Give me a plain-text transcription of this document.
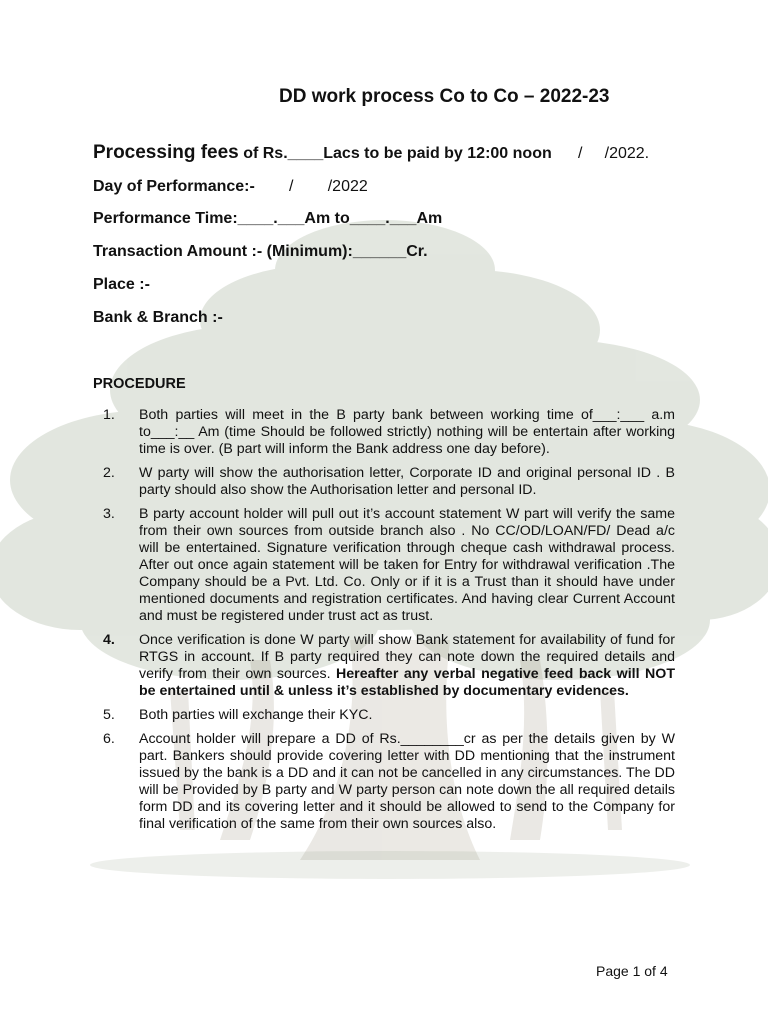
DD work process Co to Co – 2022-23
Processing fees of Rs.____Lacs to be paid by 12:00 noon / /2022.
Day of Performance:- / /2022
Performance Time:____.___Am to____.___Am
Transaction Amount :- (Minimum):______Cr.
Place :-
Bank & Branch :-
PROCEDURE
1.	Both parties will meet in the B party bank between working time of___:___ a.m to___:__ Am (time Should be followed strictly) nothing will be entertain after working time is over. (B part will inform the Bank address one day before).
2.	W party will show the authorisation letter, Corporate ID and original personal ID . B party should also show the Authorisation letter and personal ID.
3.	B party account holder will pull out it’s account statement W part will verify the same from their own sources from outside branch also . No CC/OD/LOAN/FD/ Dead a/c will be entertained. Signature verification through cheque cash withdrawal process. After out once again statement will be taken for Entry for withdrawal verification .The Company should be a Pvt. Ltd. Co. Only or if it is a Trust than it should have under mentioned documents and registration certificates. And having clear Current Account and must be registered under trust act as trust.
4.	Once verification is done W party will show Bank statement for availability of fund for RTGS in account. If B party required they can note down the required details and verify from their own sources. Hereafter any verbal negative feed back will NOT be entertained until & unless it’s established by documentary evidences.
5.	Both parties will exchange their KYC.
6.	Account holder will prepare a DD of Rs.________cr as per the details given by W part. Bankers should provide covering letter with DD mentioning that the instrument issued by the bank is a DD and it can not be cancelled in any circumstances. The DD will be Provided by B party and W party person can note down the all required details form DD and its covering letter and it should be allowed to send to the Company for final verification of the same from their own sources also.
Page 1 of 4
